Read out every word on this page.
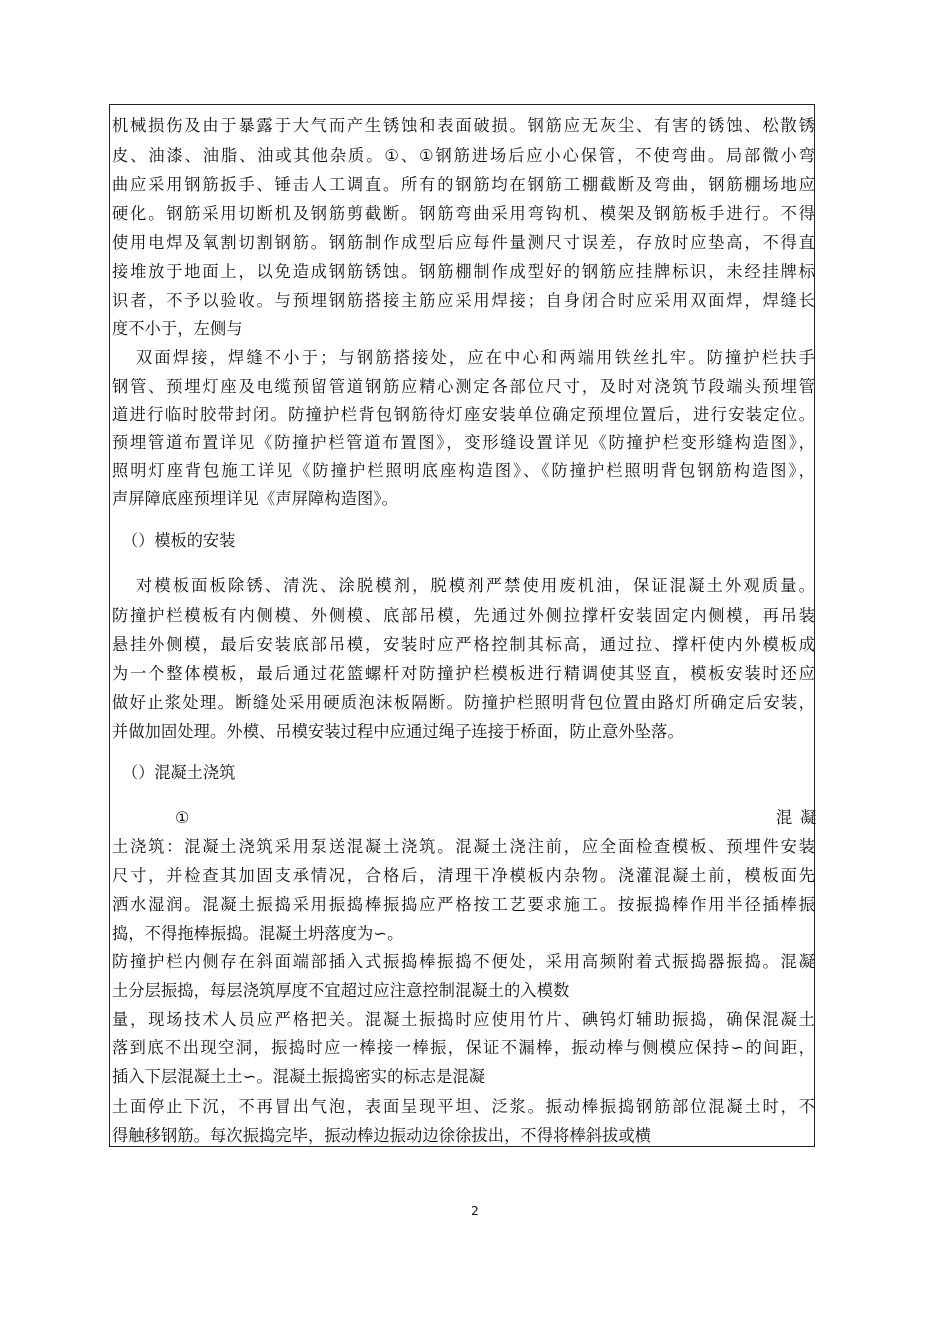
机械损伤及由于暴露于大气而产生锈蚀和表面破损。钢筋应无灰尘、有害的锈蚀、松散锈
皮、油漆、油脂、油或其他杂质。①、①钢筋进场后应小心保管，不使弯曲。局部微小弯
曲应采用钢筋扳手、锤击人工调直。所有的钢筋均在钢筋工棚截断及弯曲，钢筋棚场地应
硬化。钢筋采用切断机及钢筋剪截断。钢筋弯曲采用弯钩机、模架及钢筋板手进行。不得
使用电焊及氧割切割钢筋。钢筋制作成型后应每件量测尺寸误差，存放时应垫高，不得直
接堆放于地面上，以免造成钢筋锈蚀。钢筋棚制作成型好的钢筋应挂牌标识，未经挂牌标
识者，不予以验收。与预埋钢筋搭接主筋应采用焊接；自身闭合时应采用双面焊，焊缝长
度不小于，左侧与
双面焊接，焊缝不小于；与钢筋搭接处，应在中心和两端用铁丝扎牢。防撞护栏扶手
钢管、预埋灯座及电缆预留管道钢筋应精心测定各部位尺寸，及时对浇筑节段端头预埋管
道进行临时胶带封闭。防撞护栏背包钢筋待灯座安装单位确定预埋位置后，进行安装定位。
预埋管道布置详见《防撞护栏管道布置图》，变形缝设置详见《防撞护栏变形缝构造图》，
照明灯座背包施工详见《防撞护栏照明底座构造图》、《防撞护栏照明背包钢筋构造图》，
声屏障底座预埋详见《声屏障构造图》。
（）模板的安装
对模板面板除锈、清洗、涂脱模剂，脱模剂严禁使用废机油，保证混凝土外观质量。
防撞护栏模板有内侧模、外侧模、底部吊模，先通过外侧拉撑杆安装固定内侧模，再吊装
悬挂外侧模，最后安装底部吊模，安装时应严格控制其标高，通过拉、撑杆使内外模板成
为一个整体模板，最后通过花篮螺杆对防撞护栏模板进行精调使其竖直，模板安装时还应
做好止浆处理。断缝处采用硬质泡沫板隔断。防撞护栏照明背包位置由路灯所确定后安装，
并做加固处理。外模、吊模安装过程中应通过绳子连接于桥面，防止意外坠落。
（）混凝土浇筑
①	混凝
土浇筑：混凝土浇筑采用泵送混凝土浇筑。混凝土浇注前，应全面检查模板、预埋件安装
尺寸，并检查其加固支承情况，合格后，清理干净模板内杂物。浇灌混凝土前，模板面先
洒水湿润。混凝土振捣采用振捣棒振捣应严格按工艺要求施工。按振捣棒作用半径插棒振
捣，不得拖棒振捣。混凝土坍落度为∽。
防撞护栏内侧存在斜面端部插入式振捣棒振捣不便处，采用高频附着式振捣器振捣。混凝
土分层振捣，每层浇筑厚度不宜超过应注意控制混凝土的入模数
量，现场技术人员应严格把关。混凝土振捣时应使用竹片、碘钨灯辅助振捣，确保混凝土
落到底不出现空洞，振捣时应一棒接一棒振，保证不漏棒，振动棒与侧模应保持∽的间距，
插入下层混凝土土∽。混凝土振捣密实的标志是混凝
土面停止下沉，不再冒出气泡，表面呈现平坦、泛浆。振动棒振捣钢筋部位混凝土时，不
得触移钢筋。每次振捣完毕，振动棒边振动边徐徐拔出，不得将棒斜拔或横
2
